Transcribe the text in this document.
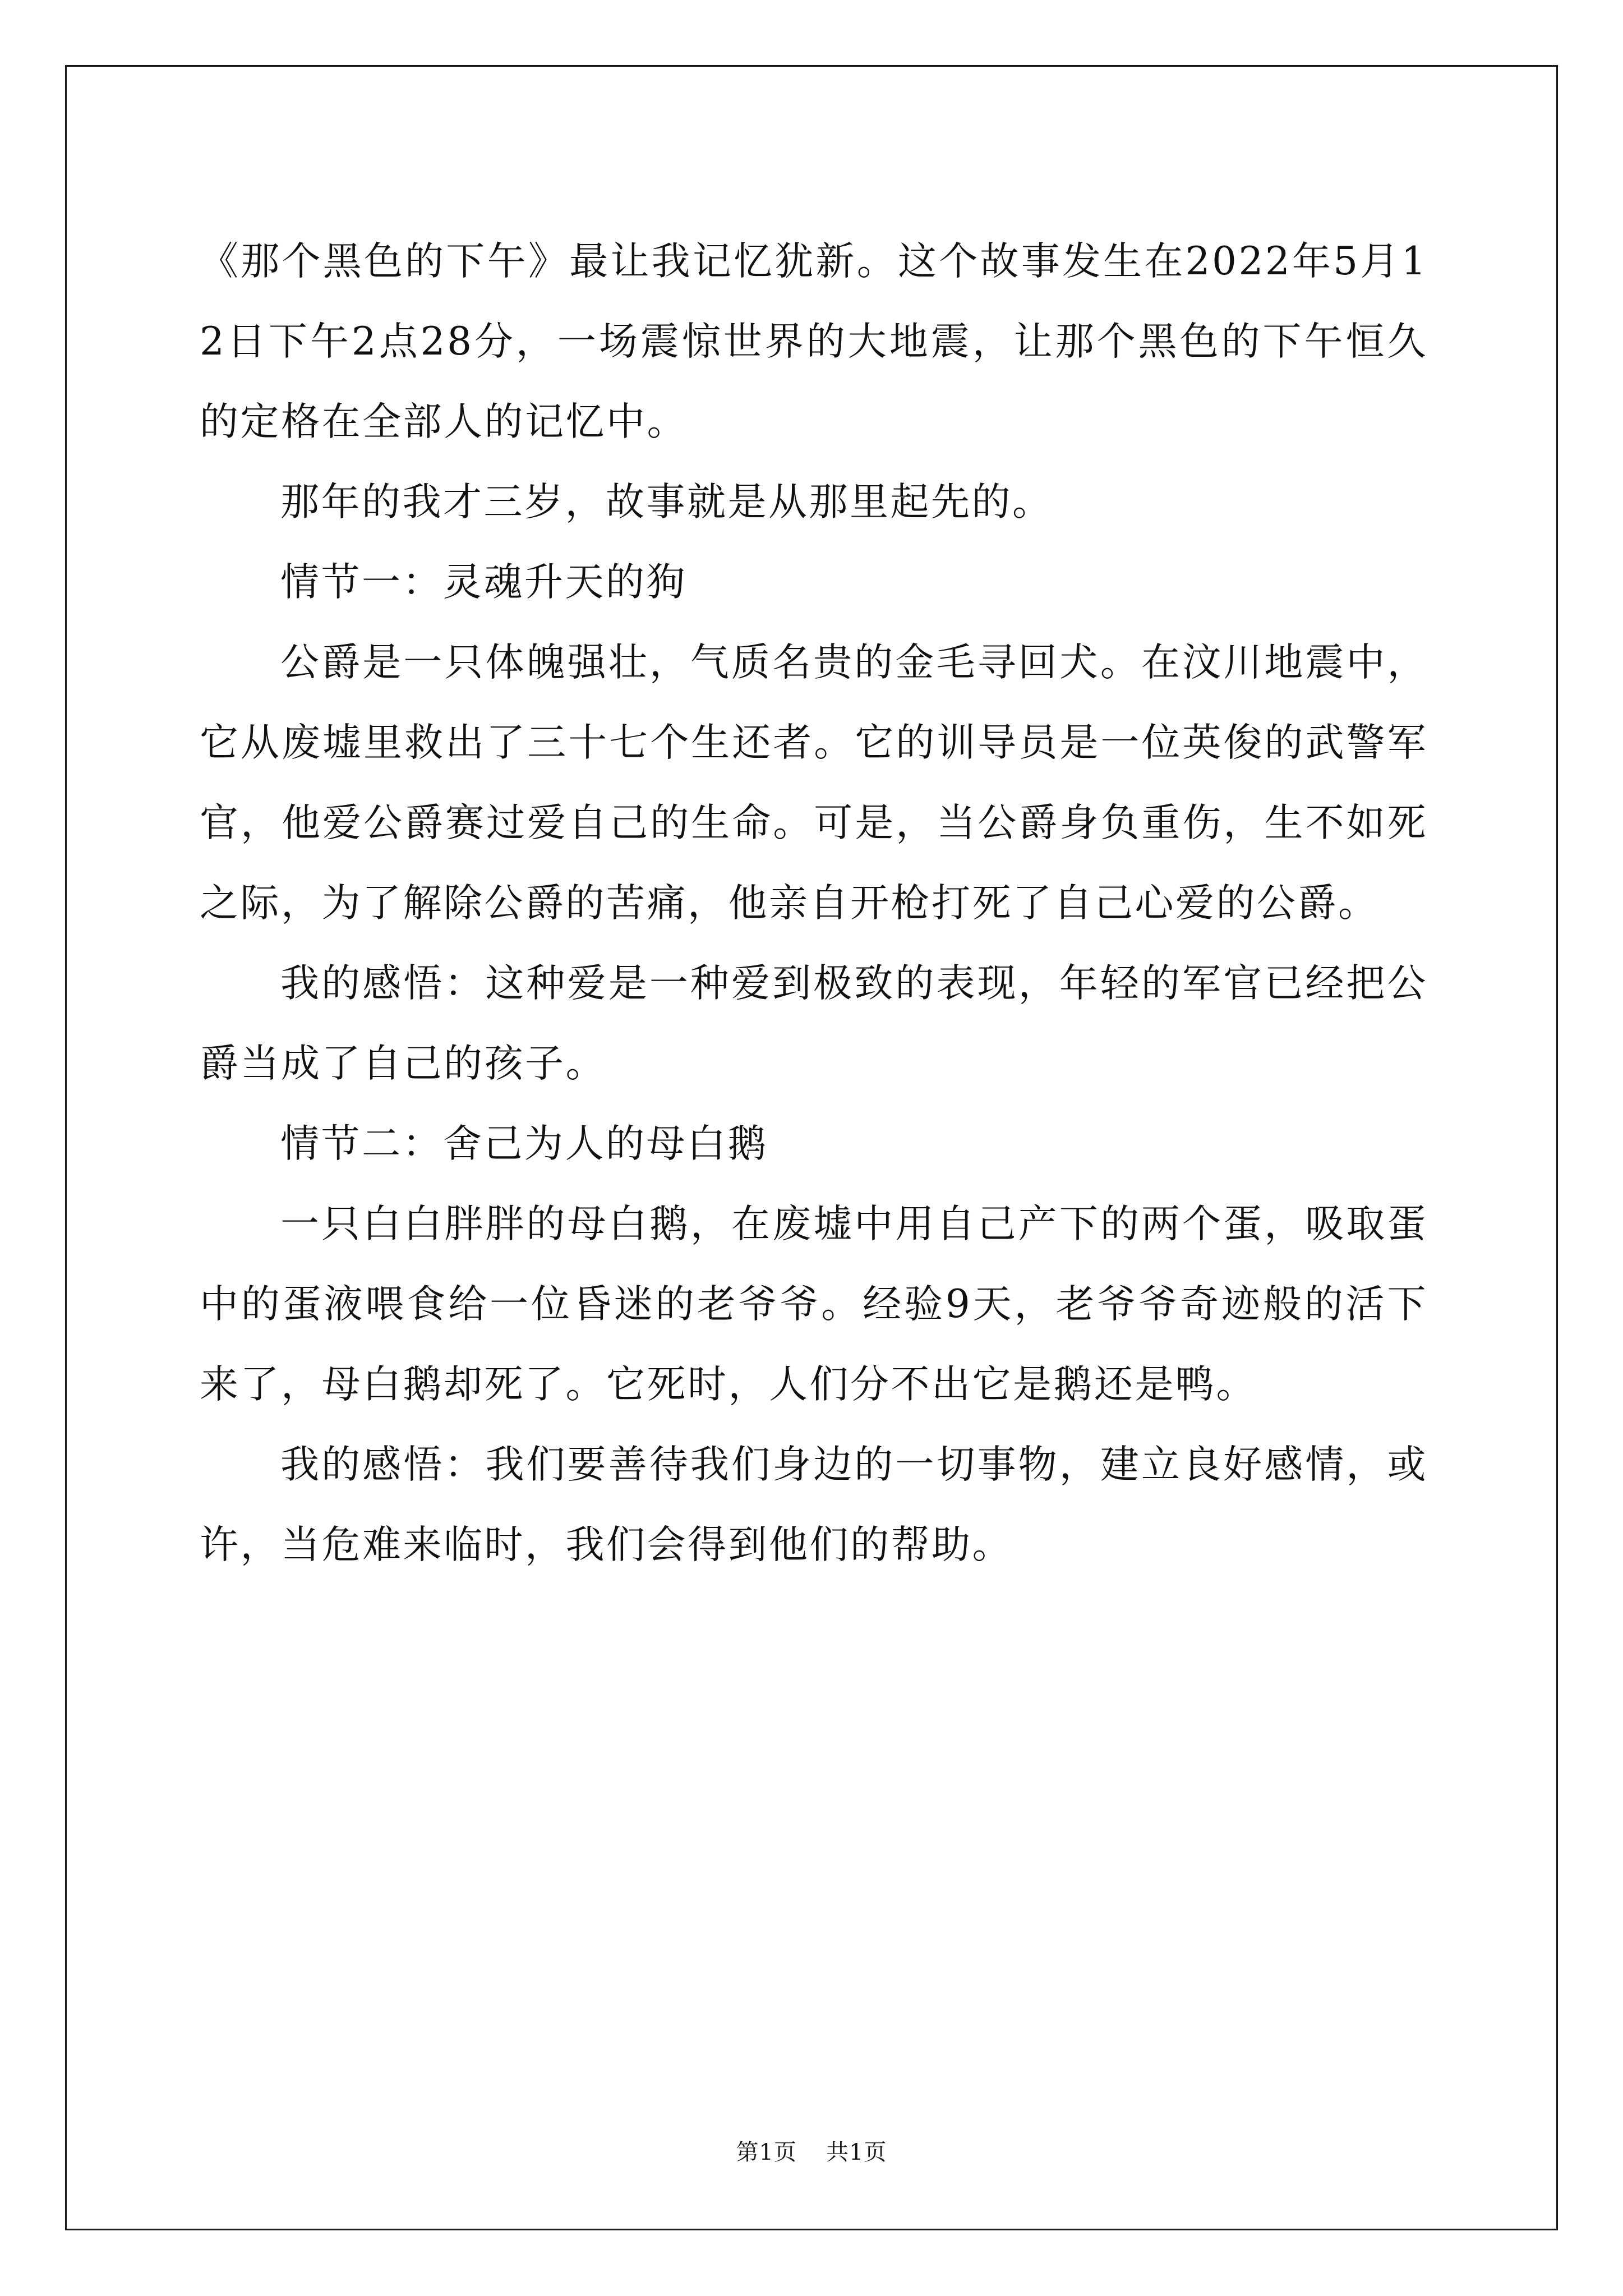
《那个黑色的下午》最让我记忆犹新。这个故事发生在2022年5月12日下午2点28分，一场震惊世界的大地震，让那个黑色的下午恒久的定格在全部人的记忆中。

那年的我才三岁，故事就是从那里起先的。

情节一：灵魂升天的狗

公爵是一只体魄强壮，气质名贵的金毛寻回犬。在汶川地震中，它从废墟里救出了三十七个生还者。它的训导员是一位英俊的武警军官，他爱公爵赛过爱自己的生命。可是，当公爵身负重伤，生不如死之际，为了解除公爵的苦痛，他亲自开枪打死了自己心爱的公爵。

我的感悟：这种爱是一种爱到极致的表现，年轻的军官已经把公爵当成了自己的孩子。

情节二：舍己为人的母白鹅

一只白白胖胖的母白鹅，在废墟中用自己产下的两个蛋，吸取蛋中的蛋液喂食给一位昏迷的老爷爷。经验9天，老爷爷奇迹般的活下来了，母白鹅却死了。它死时，人们分不出它是鹅还是鸭。

我的感悟：我们要善待我们身边的一切事物，建立良好感情，或许，当危难来临时，我们会得到他们的帮助。

第1页 共1页
